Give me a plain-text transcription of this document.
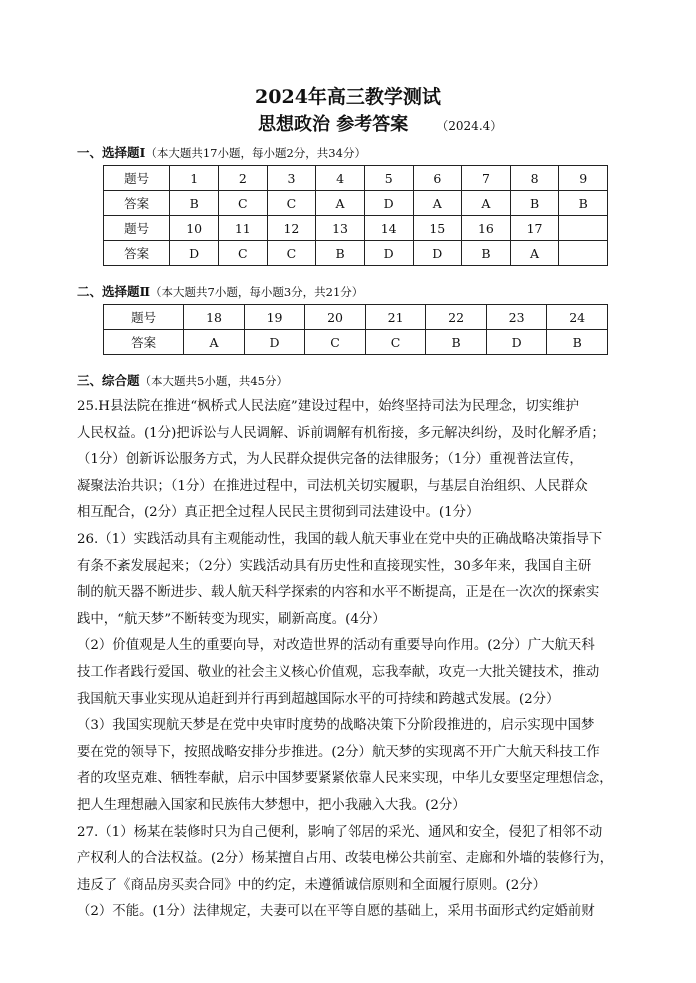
2024年高三教学测试
思想政治 参考答案 （2024.4）
一、选择题Ⅰ（本大题共17小题，每小题2分，共34分）
题号	1	2	3	4	5	6	7	8	9
答案	B	C	C	A	D	A	A	B	B
题号	10	11	12	13	14	15	16	17	
答案	D	C	C	B	D	D	B	A	
二、选择题Ⅱ（本大题共7小题，每小题3分，共21分）
题号	18	19	20	21	22	23	24
答案	A	D	C	C	B	D	B
三、综合题（本大题共5小题，共45分）

25.H县法院在推进“枫桥式人民法庭”建设过程中，始终坚持司法为民理念，切实维护

人民权益。(1分)把诉讼与人民调解、诉前调解有机衔接，多元解决纠纷，及时化解矛盾；

（1分）创新诉讼服务方式，为人民群众提供完备的法律服务；（1分）重视普法宣传，

凝聚法治共识；（1分）在推进过程中，司法机关切实履职，与基层自治组织、人民群众

相互配合，(2分）真正把全过程人民民主贯彻到司法建设中。(1分）

26.（1）实践活动具有主观能动性，我国的载人航天事业在党中央的正确战略决策指导下

有条不紊发展起来；（2分）实践活动具有历史性和直接现实性，30多年来，我国自主研

制的航天器不断进步、载人航天科学探索的内容和水平不断提高，正是在一次次的探索实

践中，“航天梦”不断转变为现实，刷新高度。(4分）

（2）价值观是人生的重要向导，对改造世界的活动有重要导向作用。(2分）广大航天科

技工作者践行爱国、敬业的社会主义核心价值观，忘我奉献，攻克一大批关键技术，推动

我国航天事业实现从追赶到并行再到超越国际水平的可持续和跨越式发展。(2分）

（3）我国实现航天梦是在党中央审时度势的战略决策下分阶段推进的，启示实现中国梦

要在党的领导下，按照战略安排分步推进。(2分）航天梦的实现离不开广大航天科技工作

者的攻坚克难、牺牲奉献，启示中国梦要紧紧依靠人民来实现，中华儿女要坚定理想信念，

把人生理想融入国家和民族伟大梦想中，把小我融入大我。(2分）

27.（1）杨某在装修时只为自己便利，影响了邻居的采光、通风和安全，侵犯了相邻不动

产权利人的合法权益。(2分）杨某擅自占用、改装电梯公共前室、走廊和外墙的装修行为，

违反了《商品房买卖合同》中的约定，未遵循诚信原则和全面履行原则。(2分）

（2）不能。(1分）法律规定，夫妻可以在平等自愿的基础上，采用书面形式约定婚前财
